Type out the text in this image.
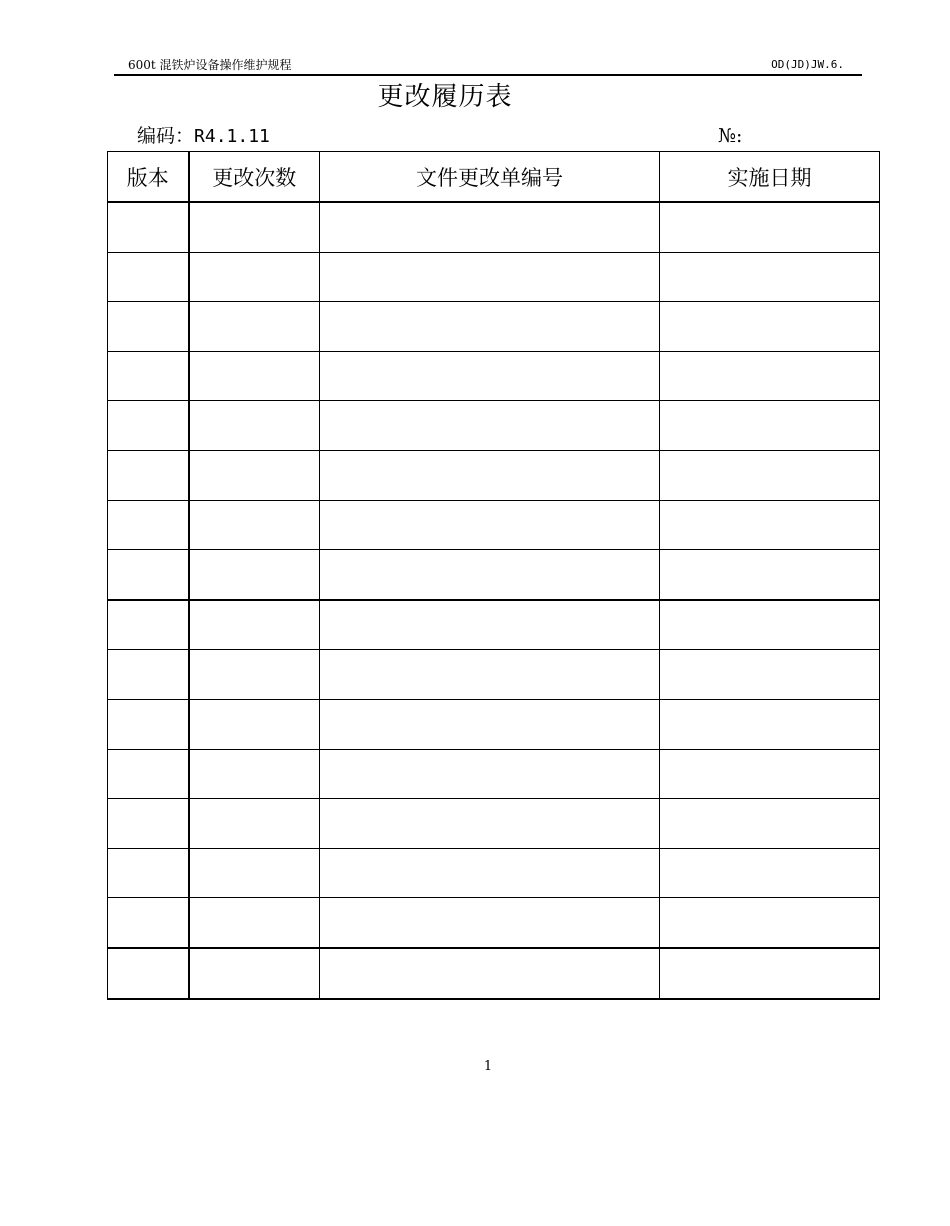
600t 混铁炉设备操作维护规程	OD(JD)JW.6.
更改履历表
编码：R4.1.11	№:
版本	更改次数	文件更改单编号	实施日期

1
